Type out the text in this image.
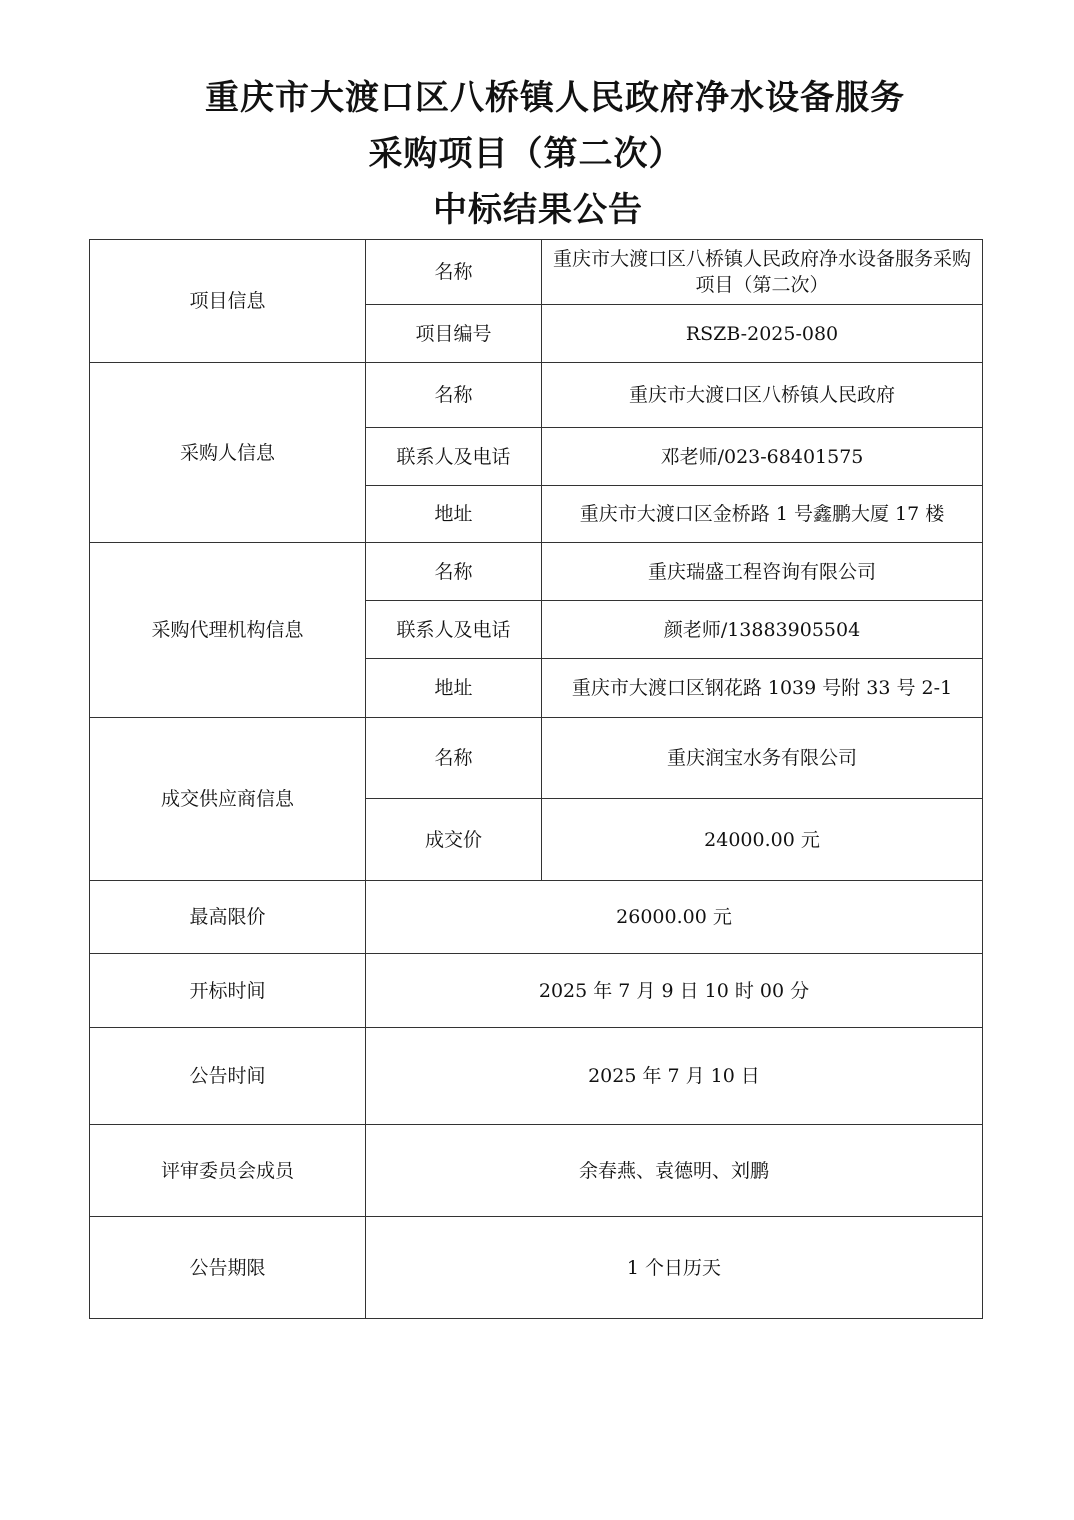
重庆市大渡口区八桥镇人民政府净水设备服务
采购项目（第二次）
中标结果公告
项目信息	名称	重庆市大渡口区八桥镇人民政府净水设备服务采购项目（第二次）
	项目编号	RSZB-2025-080
采购人信息	名称	重庆市大渡口区八桥镇人民政府
	联系人及电话	邓老师/023-68401575
	地址	重庆市大渡口区金桥路 1 号鑫鹏大厦 17 楼
采购代理机构信息	名称	重庆瑞盛工程咨询有限公司
	联系人及电话	颜老师/13883905504
	地址	重庆市大渡口区钢花路 1039 号附 33 号 2-1
成交供应商信息	名称	重庆润宝水务有限公司
	成交价	24000.00 元
最高限价	26000.00 元	
开标时间	2025 年 7 月 9 日 10 时 00 分	
公告时间	2025 年 7 月 10 日	
评审委员会成员	余春燕、袁德明、刘鹏	
公告期限	1 个日历天	
